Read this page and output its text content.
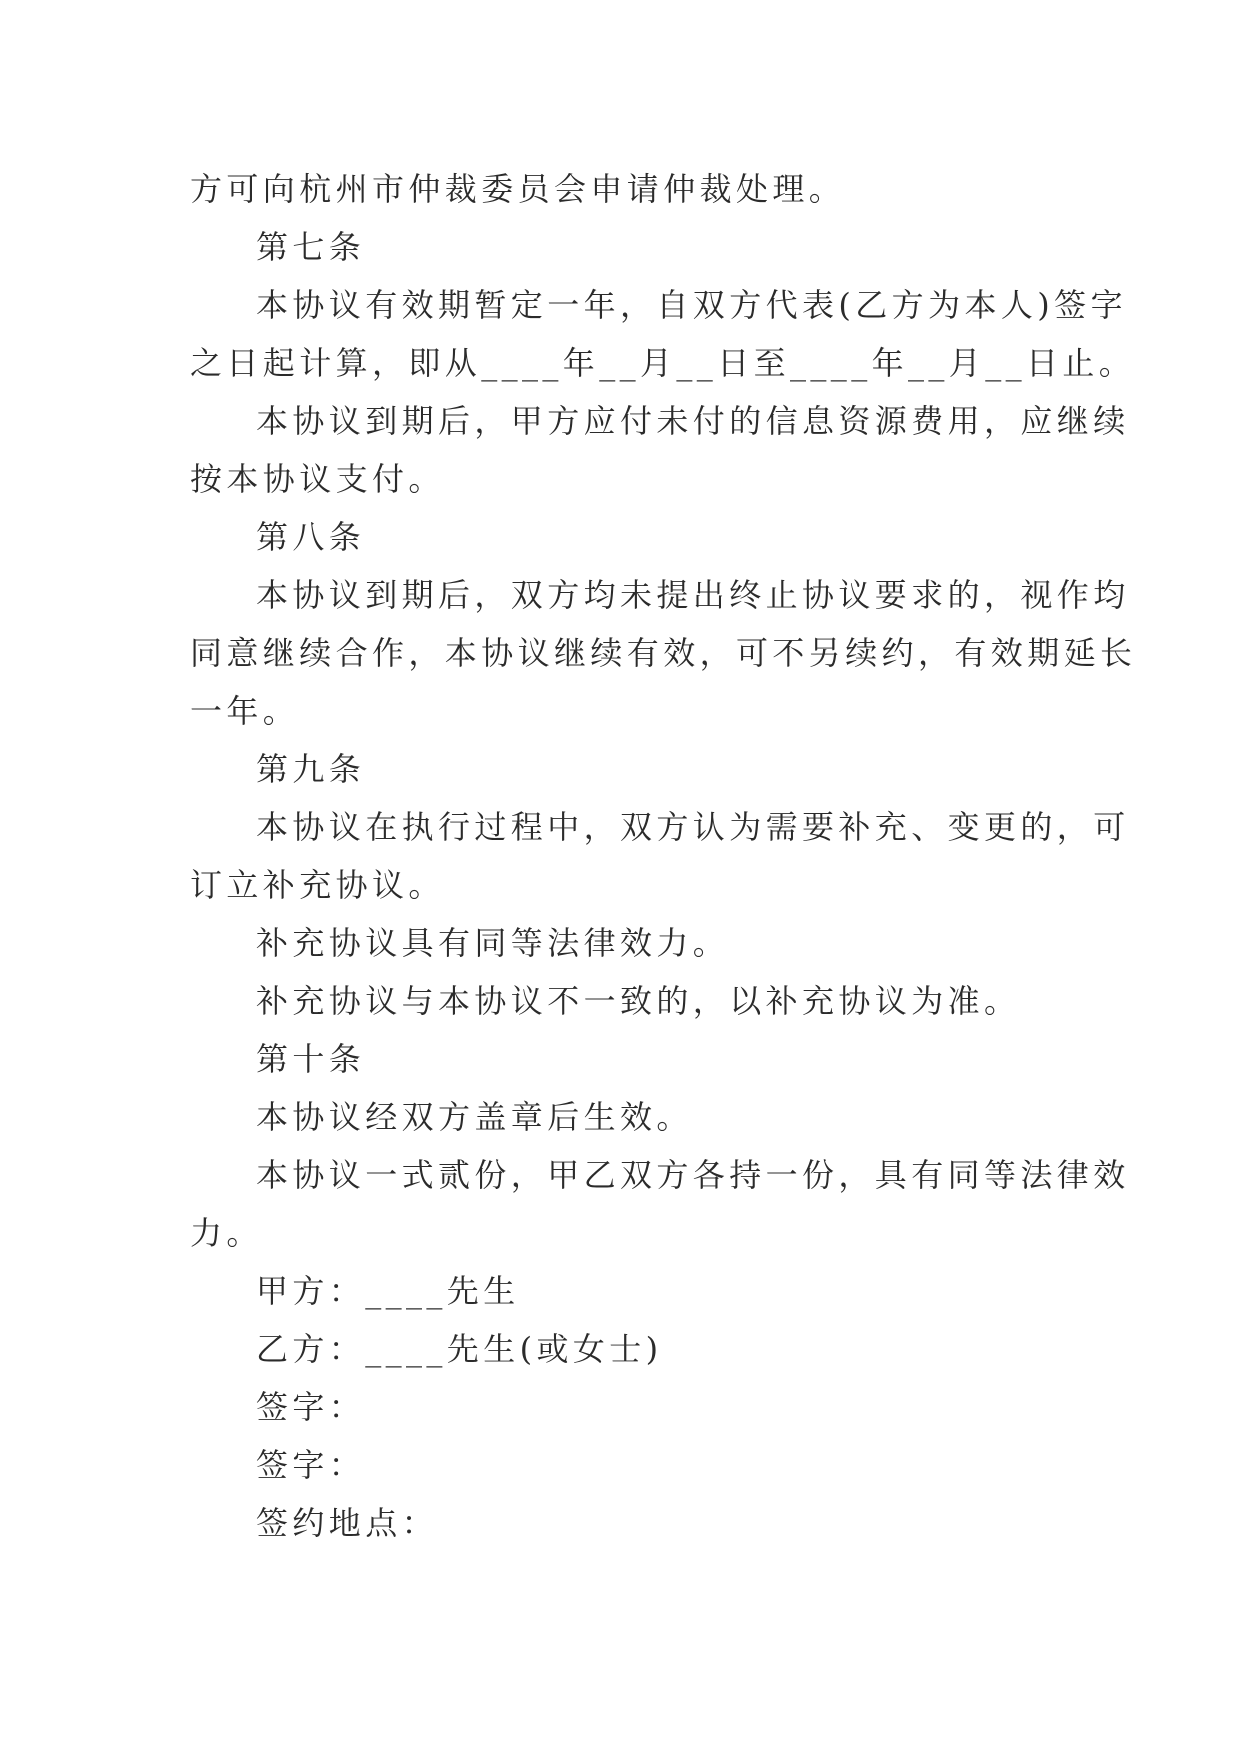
方可向杭州市仲裁委员会申请仲裁处理。
第七条
本协议有效期暂定一年，自双方代表(乙方为本人)签字
之日起计算，即从____年__月__日至____年__月__日止。
本协议到期后，甲方应付未付的信息资源费用，应继续
按本协议支付。
第八条
本协议到期后，双方均未提出终止协议要求的，视作均
同意继续合作，本协议继续有效，可不另续约，有效期延长
一年。
第九条
本协议在执行过程中，双方认为需要补充、变更的，可
订立补充协议。
补充协议具有同等法律效力。
补充协议与本协议不一致的，以补充协议为准。
第十条
本协议经双方盖章后生效。
本协议一式贰份，甲乙双方各持一份，具有同等法律效
力。
甲方：____先生
乙方：____先生(或女士)
签字：
签字：
签约地点：
